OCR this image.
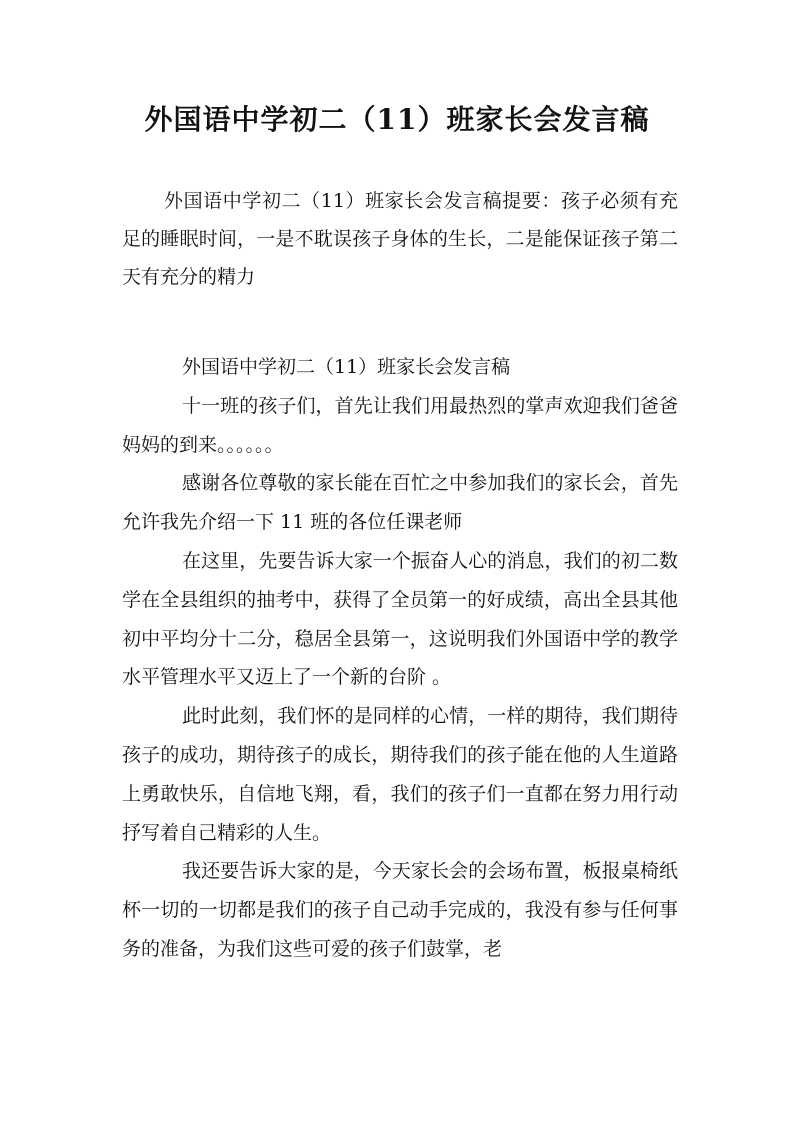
外国语中学初二（11）班家长会发言稿
外国语中学初二（11）班家长会发言稿提要：孩子必须有充足的睡眠时间，一是不耽误孩子身体的生长，二是能保证孩子第二天有充分的精力

外国语中学初二（11）班家长会发言稿

十一班的孩子们，首先让我们用最热烈的掌声欢迎我们爸爸妈妈的到来。。。。。。

感谢各位尊敬的家长能在百忙之中参加我们的家长会，首先允许我先介绍一下 11 班的各位任课老师

在这里，先要告诉大家一个振奋人心的消息，我们的初二数学在全县组织的抽考中，获得了全员第一的好成绩，高出全县其他初中平均分十二分，稳居全县第一，这说明我们外国语中学的教学水平管理水平又迈上了一个新的台阶 。

此时此刻，我们怀的是同样的心情，一样的期待，我们期待孩子的成功，期待孩子的成长，期待我们的孩子能在他的人生道路上勇敢快乐，自信地飞翔，看，我们的孩子们一直都在努力用行动抒写着自己精彩的人生。

我还要告诉大家的是，今天家长会的会场布置，板报桌椅纸杯一切的一切都是我们的孩子自己动手完成的，我没有参与任何事务的准备，为我们这些可爱的孩子们鼓掌，老
